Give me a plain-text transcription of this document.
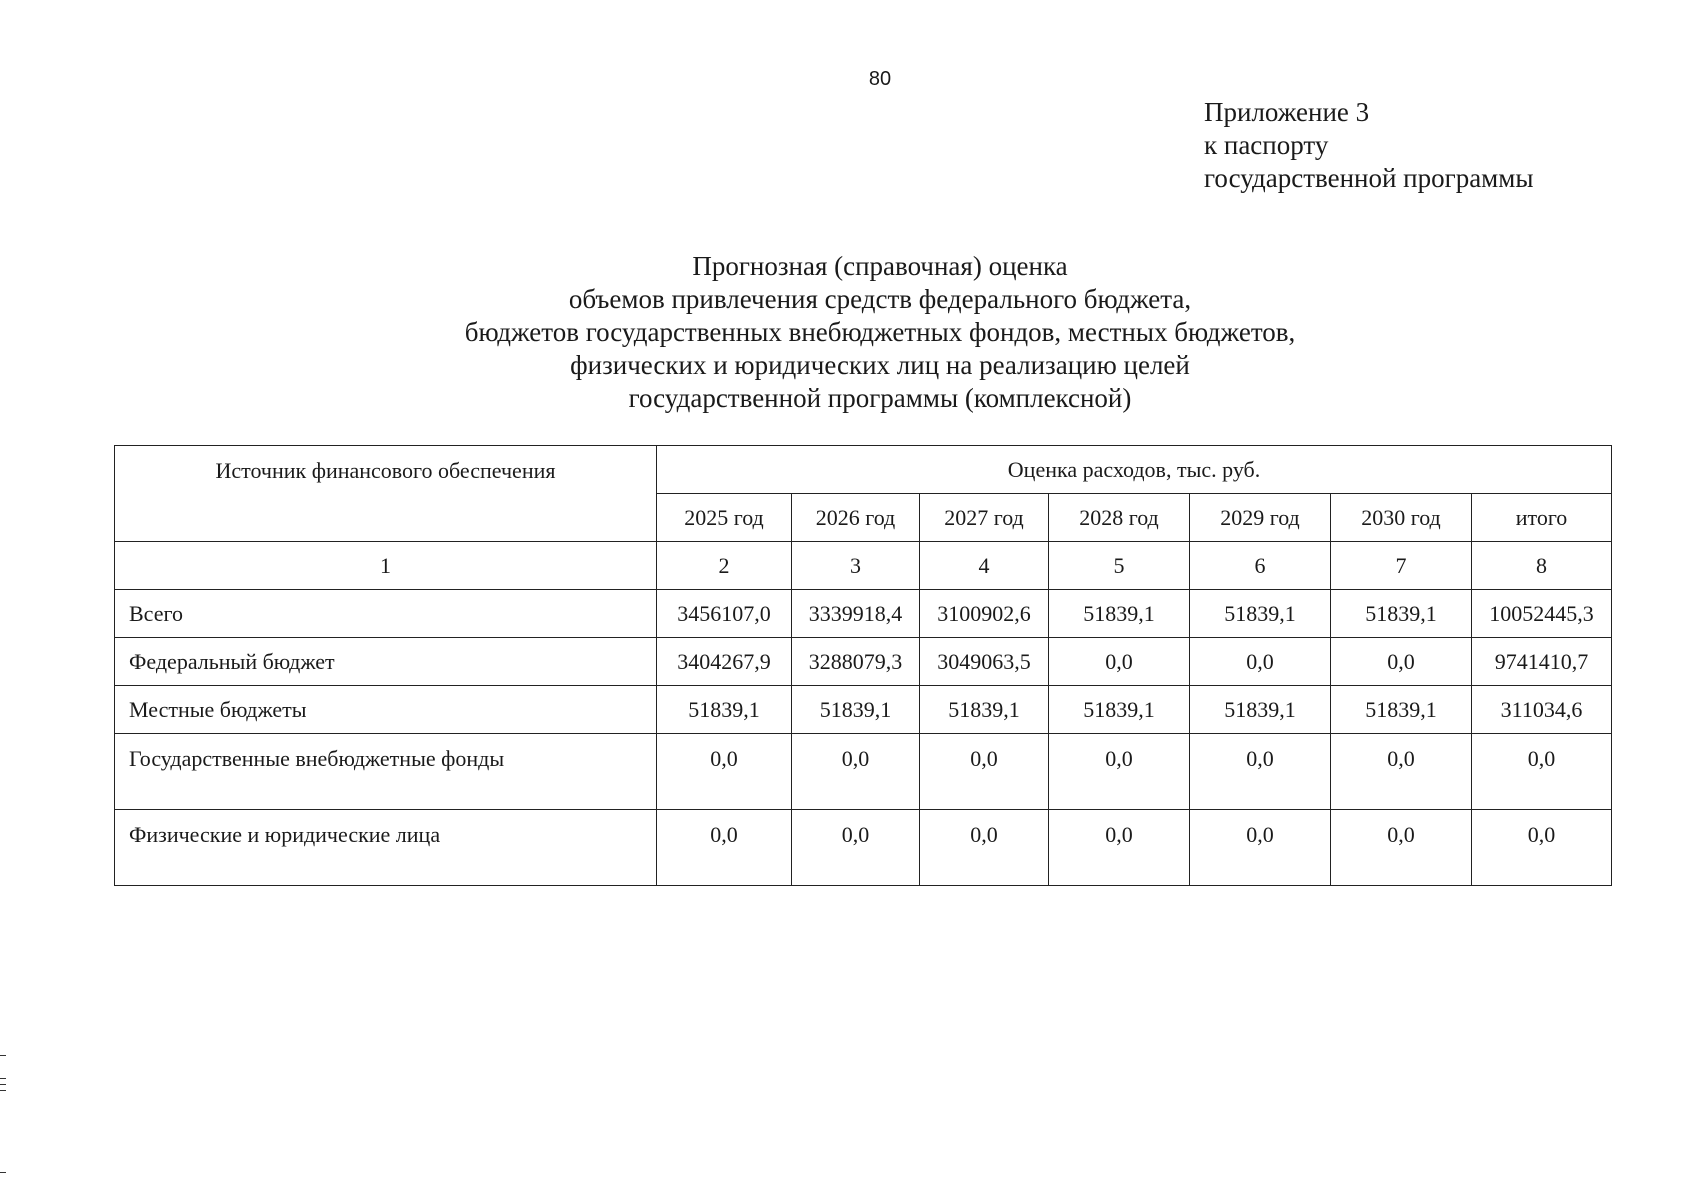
80
Приложение 3
к паспорту
государственной программы
Прогнозная (справочная) оценка
объемов привлечения средств федерального бюджета,
бюджетов государственных внебюджетных фондов, местных бюджетов,
физических и юридических лиц на реализацию целей
государственной программы (комплексной)
Источник финансового обеспечения	Оценка расходов, тыс. руб.						
	2025 год	2026 год	2027 год	2028 год	2029 год	2030 год	итого
1	2	3	4	5	6	7	8
Всего	3456107,0	3339918,4	3100902,6	51839,1	51839,1	51839,1	10052445,3
Федеральный бюджет	3404267,9	3288079,3	3049063,5	0,0	0,0	0,0	9741410,7
Местные бюджеты	51839,1	51839,1	51839,1	51839,1	51839,1	51839,1	311034,6
Государственные внебюджетные фонды	0,0	0,0	0,0	0,0	0,0	0,0	0,0
Физические и юридические лица	0,0	0,0	0,0	0,0	0,0	0,0	0,0
